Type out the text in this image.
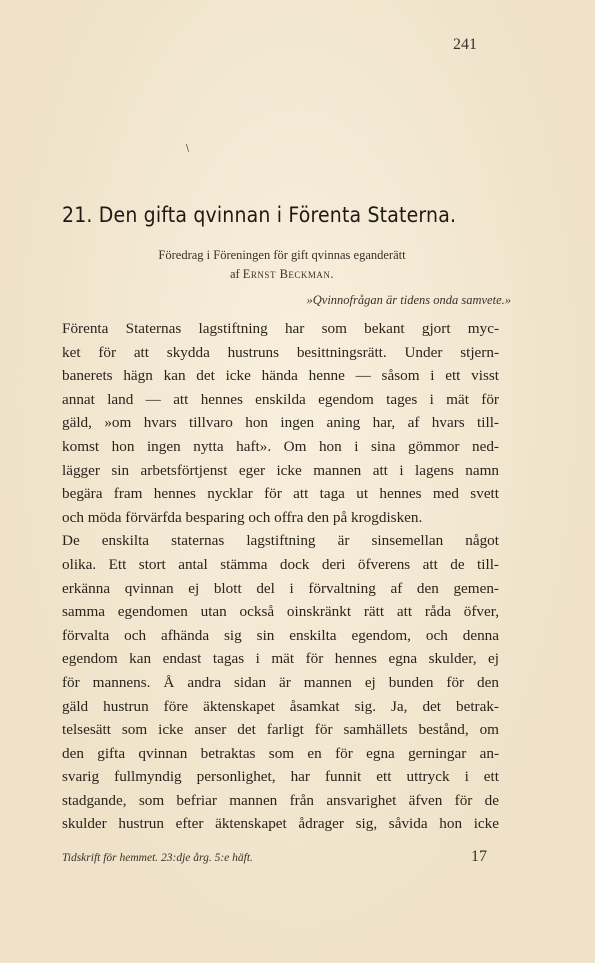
241
\
21. Den gifta qvinnan i Förenta Staterna.
Föredrag i Föreningen för gift qvinnas eganderätt
af Ernst Beckman.
»Qvinnofrågan är tidens onda samvete.»
Förenta Staternas lagstiftning har som bekant gjort myc-
ket för att skydda hustruns besittningsrätt. Under stjern-
banerets hägn kan det icke hända henne — såsom i ett visst
annat land — att hennes enskilda egendom tages i mät för
gäld, »om hvars tillvaro hon ingen aning har, af hvars till-
komst hon ingen nytta haft». Om hon i sina gömmor ned-
lägger sin arbetsförtjenst eger icke mannen att i lagens namn
begära fram hennes nycklar för att taga ut hennes med svett
och möda förvärfda besparing och offra den på krogdisken.
De enskilta staternas lagstiftning är sinsemellan något
olika. Ett stort antal stämma dock deri öfverens att de till-
erkänna qvinnan ej blott del i förvaltning af den gemen-
samma egendomen utan också oinskränkt rätt att råda öfver,
förvalta och afhända sig sin enskilta egendom, och denna
egendom kan endast tagas i mät för hennes egna skulder, ej
för mannens. Å andra sidan är mannen ej bunden för den
gäld hustrun före äktenskapet åsamkat sig. Ja, det betrak-
telsesätt som icke anser det farligt för samhällets bestånd, om
den gifta qvinnan betraktas som en för egna gerningar an-
svarig fullmyndig personlighet, har funnit ett uttryck i ett
stadgande, som befriar mannen från ansvarighet äfven för de
skulder hustrun efter äktenskapet ådrager sig, såvida hon icke
Tidskrift för hemmet. 23:dje årg. 5:e häft.	17
